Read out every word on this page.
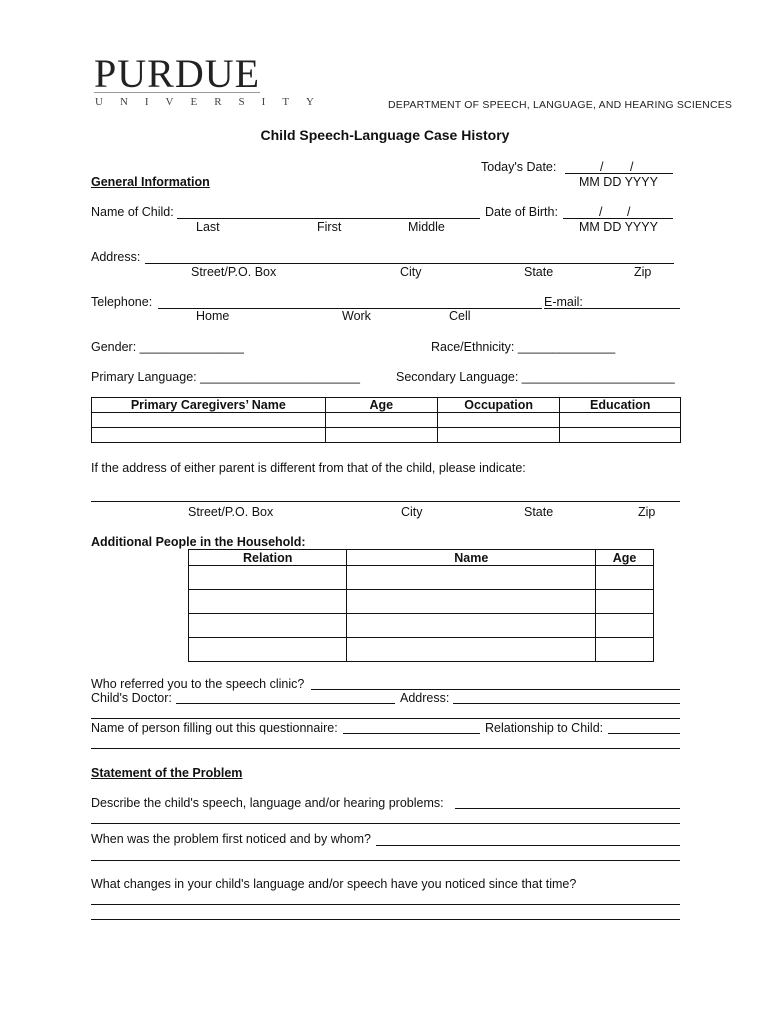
PURDUE
UNIVERSITY	DEPARTMENT OF SPEECH, LANGUAGE, AND HEARING SCIENCES
Child Speech-Language Case History
Today's Date:	/ /
MM DD YYYY
General Information
Name of Child:
Last	First	Middle
Date of Birth:	/ /
MM DD YYYY
Address:
Street/P.O. Box	City	State	Zip
Telephone:
Home	Work	Cell
E-mail:
Gender: _______________	Race/Ethnicity: ______________
Primary Language: _______________________	Secondary Language: ______________________
Primary Caregivers’ Name	Age	Occupation	Education

If the address of either parent is different from that of the child, please indicate:
Street/P.O. Box	City	State	Zip
Additional People in the Household:
Relation	Name	Age

Who referred you to the speech clinic?
Child's Doctor:	Address:
Name of person filling out this questionnaire:	Relationship to Child:
Statement of the Problem
Describe the child's speech, language and/or hearing problems:
When was the problem first noticed and by whom?
What changes in your child's language and/or speech have you noticed since that time?
